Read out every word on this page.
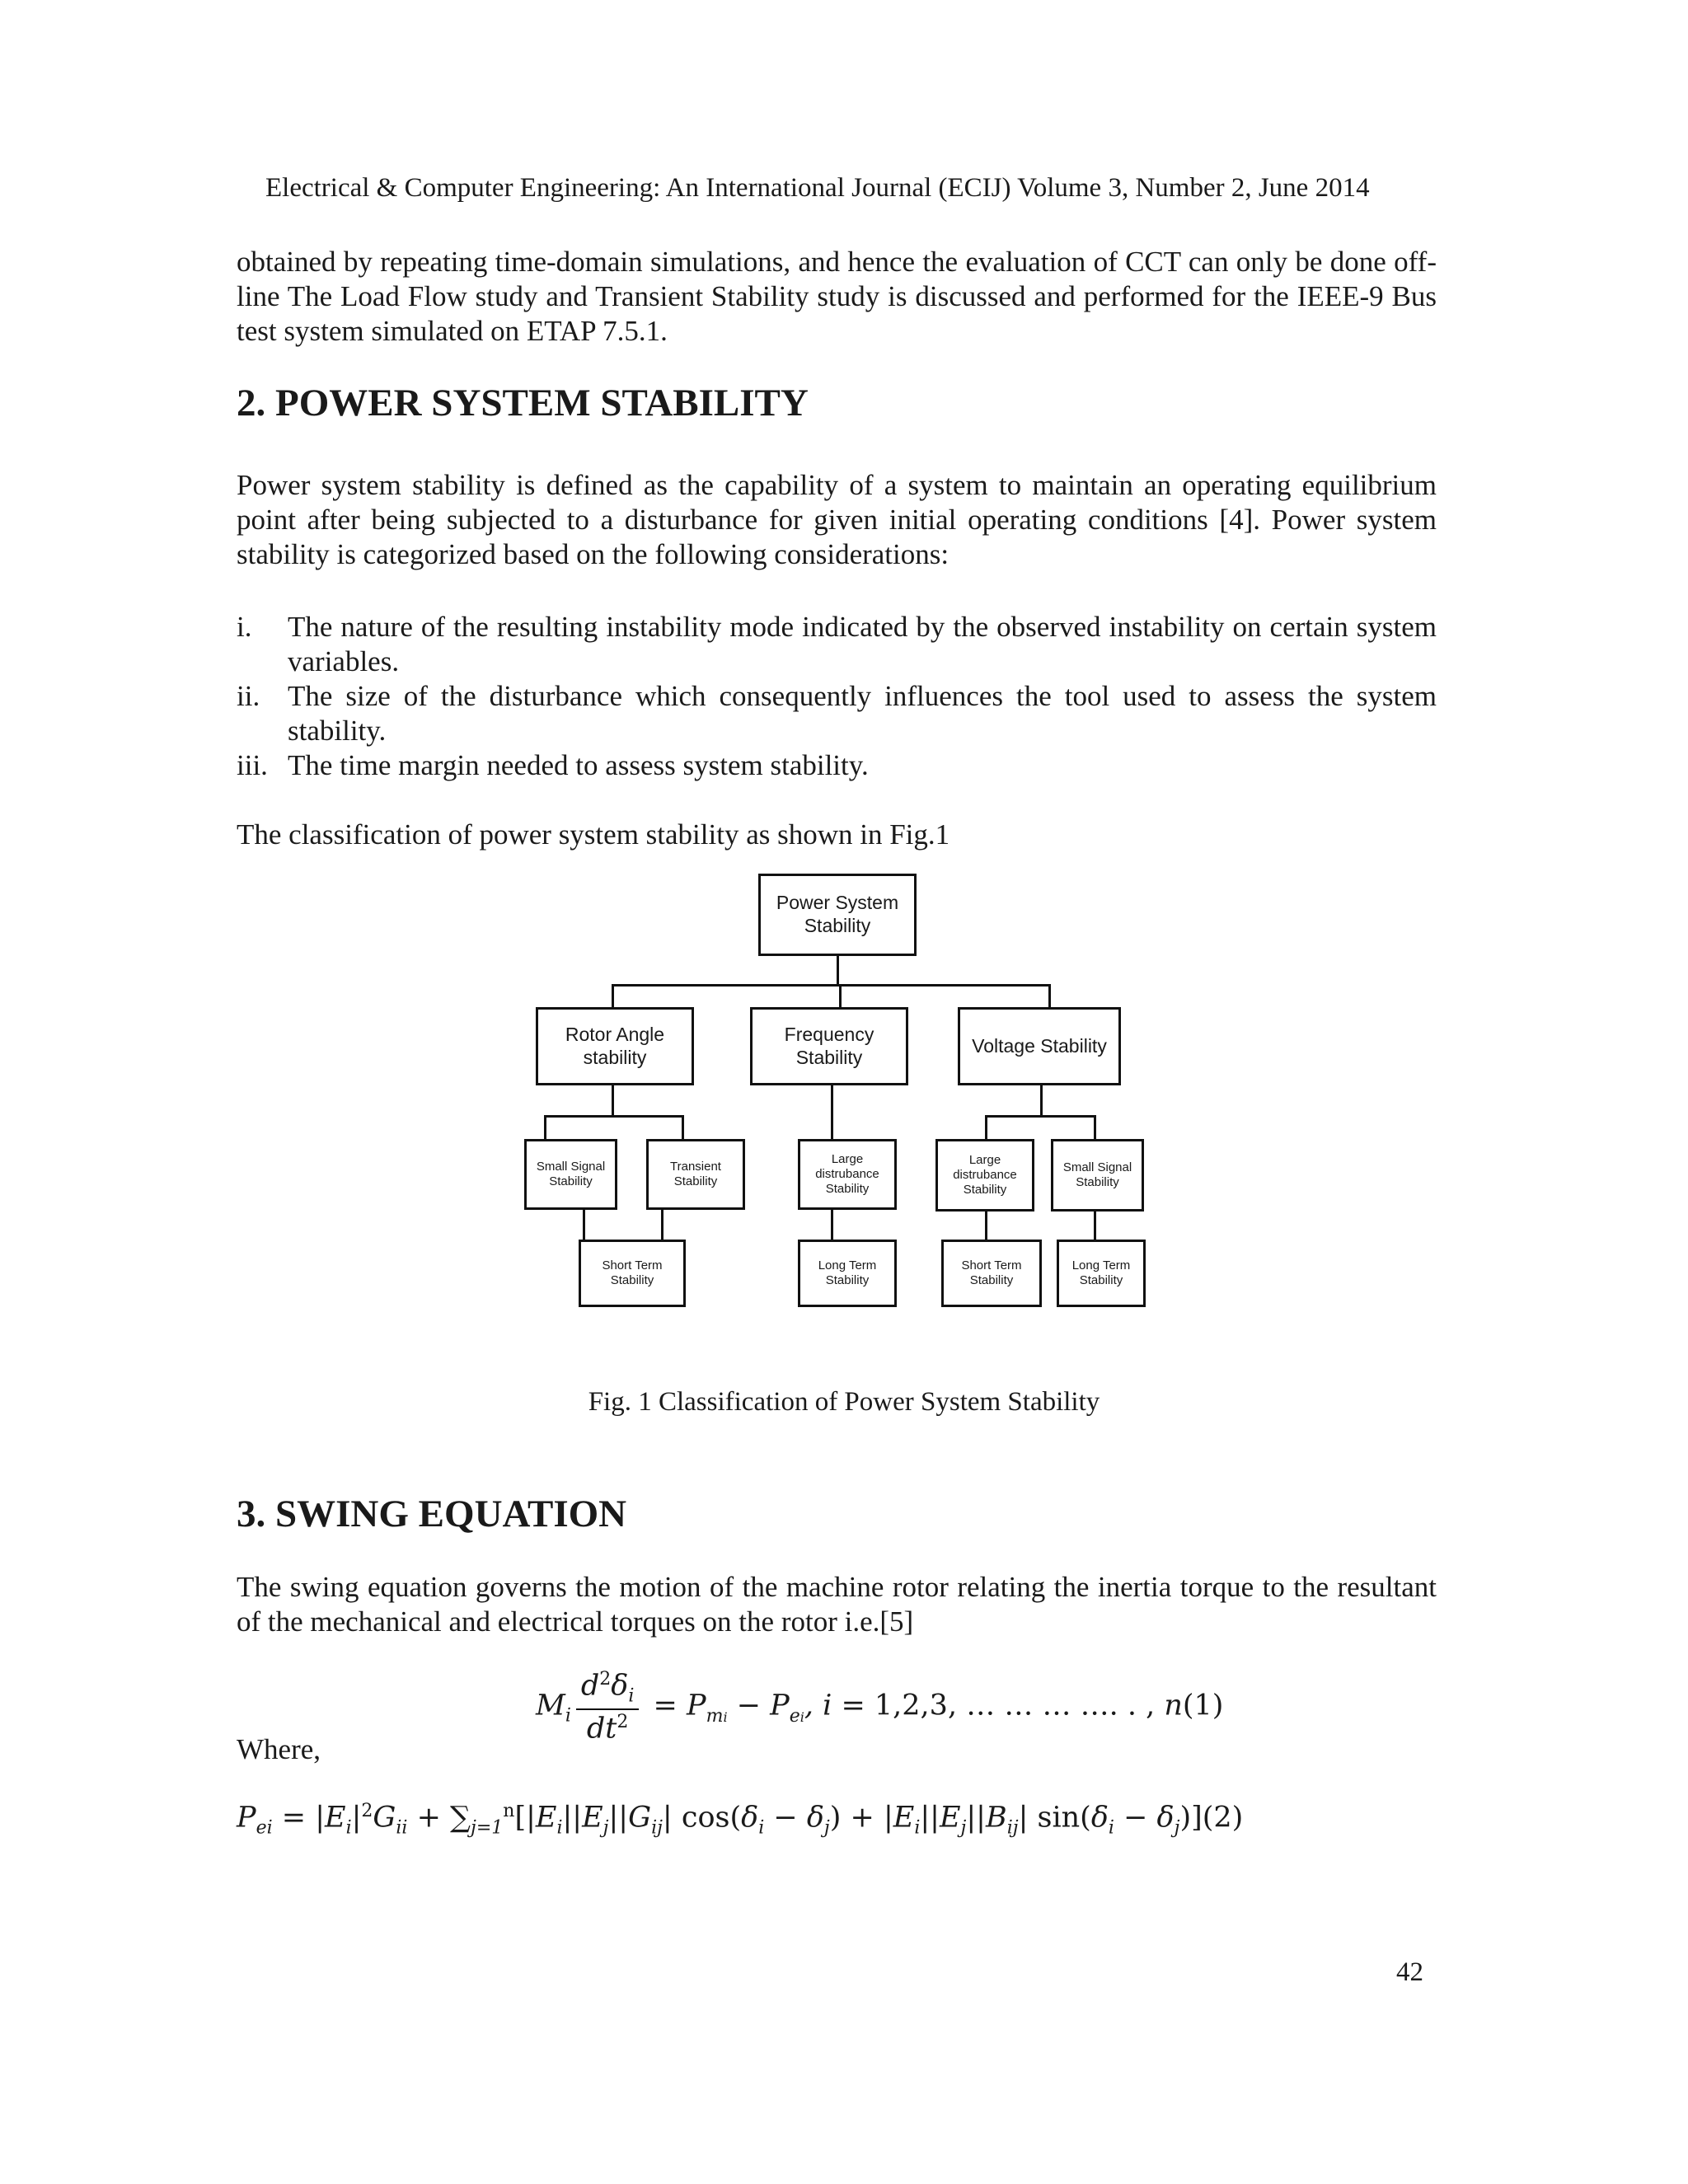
Electrical & Computer Engineering: An International Journal (ECIJ) Volume 3, Number 2, June 2014

obtained by repeating time-domain simulations, and hence the evaluation of CCT can only be done off-line The Load Flow study and Transient Stability study is discussed and performed for the IEEE-9 Bus test system simulated on ETAP 7.5.1.

2. POWER SYSTEM STABILITY

Power system stability is defined as the capability of a system to maintain an operating equilibrium point after being subjected to a disturbance for given initial operating conditions [4]. Power system stability is categorized based on the following considerations:

i.	The nature of the resulting instability mode indicated by the observed instability on certain system variables.
ii. The size of the disturbance which consequently influences the tool used to assess the system stability.
iii. The time margin needed to assess system stability.

The classification of power system stability as shown in Fig.1

Power System Stability
Rotor Angle stability
Frequency Stability
Voltage Stability
Small Signal Stability
Transient Stability
Large distrubance Stability
Large distrubance Stability
Small Signal Stability
Short Term Stability
Long Term Stability
Short Term Stability
Long Term Stability
Fig. 1 Classification of Power System Stability
3. SWING EQUATION

The swing equation governs the motion of the machine rotor relating the inertia torque to the resultant of the mechanical and electrical torques on the rotor i.e.[5]

$M_i \frac{d^2\delta_i}{dt^2} = P_{mi} - P_{ei}$, i = 1,2,3, … … … …. . , n(1)

Where,

$P_{ei} = |E_i|^2G_{ii} + \sum_{j=1}^n[|E_i||E_j||G_{ij}|$ $\cos(\delta_i - \delta_j) + |E_i||E_j||B_{ij}|$ $\sin(\delta_i - \delta_j)](2)$
42
